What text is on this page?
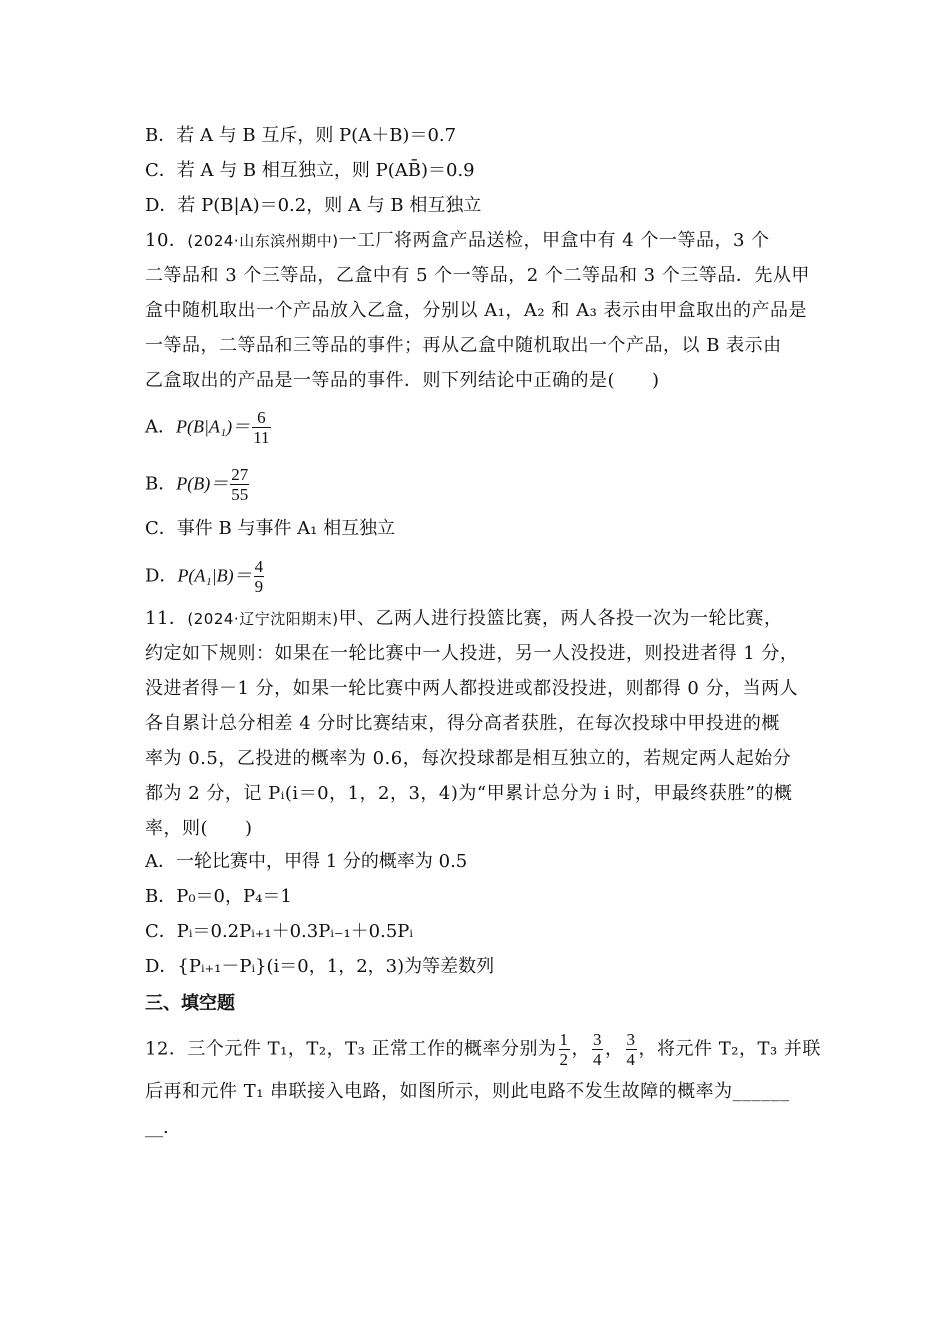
B．若 A 与 B 互斥，则 P(A＋B)＝0.7
C．若 A 与 B 相互独立，则 P(AB̄)＝0.9
D．若 P(B|A)＝0.2，则 A 与 B 相互独立
10．(2024·山东滨州期中)一工厂将两盒产品送检，甲盒中有 4 个一等品，3 个
二等品和 3 个三等品，乙盒中有 5 个一等品，2 个二等品和 3 个三等品．先从甲
盒中随机取出一个产品放入乙盒，分别以 A₁，A₂ 和 A₃ 表示由甲盒取出的产品是
一等品，二等品和三等品的事件；再从乙盒中随机取出一个产品，以 B 表示由
乙盒取出的产品是一等品的事件．则下列结论中正确的是(　　)
A．$P(B|A_1)= \frac{6}{11}$
B．$P(B)= \frac{27}{55}$
C．事件 B 与事件 A₁ 相互独立
D．$P(A_1|B)= \frac{4}{9}$
11．(2024·辽宁沈阳期末)甲、乙两人进行投篮比赛，两人各投一次为一轮比赛，
约定如下规则：如果在一轮比赛中一人投进，另一人没投进，则投进者得 1 分，
没进者得－1 分，如果一轮比赛中两人都投进或都没投进，则都得 0 分，当两人
各自累计总分相差 4 分时比赛结束，得分高者获胜，在每次投球中甲投进的概
率为 0.5，乙投进的概率为 0.6，每次投球都是相互独立的，若规定两人起始分
都为 2 分，记 Pᵢ(i＝0，1，2，3，4)为“甲累计总分为 i 时，甲最终获胜”的概
率，则(　　)
A．一轮比赛中，甲得 1 分的概率为 0.5
B．P₀＝0，P₄＝1
C．Pᵢ＝0.2Pᵢ₊₁＋0.3Pᵢ₋₁＋0.5Pᵢ
D．{Pᵢ₊₁－Pᵢ}(i＝0，1，2，3)为等差数列
三、填空题
12．三个元件 T₁，T₂，T₃ 正常工作的概率分别为 $\frac{1}{2}$ ， $\frac{3}{4}$ ， $\frac{3}{4}$ ，将元件 T₂，T₃ 并联
后再和元件 T₁ 串联接入电路，如图所示，则此电路不发生故障的概率为______
__.
